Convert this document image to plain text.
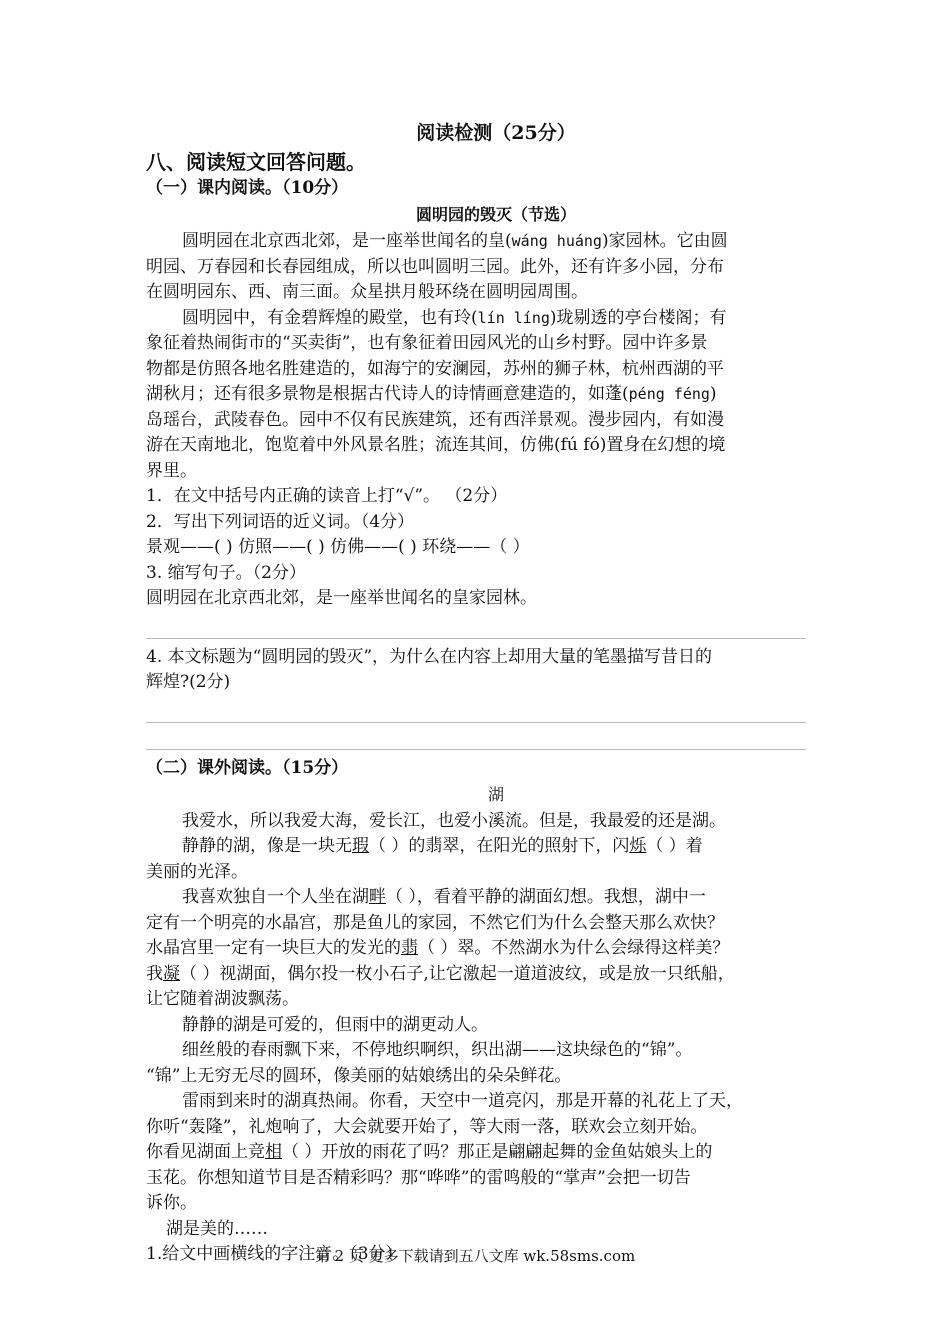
阅读检测（25分）
八、阅读短文回答问题。
（一）课内阅读。（10分）
圆明园的毁灭（节选）
圆明园在北京西北郊，是一座举世闻名的皇(wáng huáng)家园林。它由圆
明园、万春园和长春园组成，所以也叫圆明三园。此外，还有许多小园，分布
在圆明园东、西、南三面。众星拱月般环绕在圆明园周围。
圆明园中，有金碧辉煌的殿堂，也有玲(lín líng)珑剔透的亭台楼阁；有
象征着热闹街市的“买卖街”，也有象征着田园风光的山乡村野。园中许多景
物都是仿照各地名胜建造的，如海宁的安澜园，苏州的狮子林，杭州西湖的平
湖秋月；还有很多景物是根据古代诗人的诗情画意建造的，如蓬(péng féng)
岛瑶台，武陵春色。园中不仅有民族建筑，还有西洋景观。漫步园内，有如漫
游在天南地北，饱览着中外风景名胜；流连其间，仿佛(fú fó)置身在幻想的境
界里。
1．在文中括号内正确的读音上打“√”。 （2分）
2．写出下列词语的近义词。（4分）
景观——( ) 仿照——( ) 仿佛——( ) 环绕——（ ）
3. 缩写句子。（2分）
圆明园在北京西北郊，是一座举世闻名的皇家园林。
4. 本文标题为“圆明园的毁灭”，为什么在内容上却用大量的笔墨描写昔日的
辉煌?(2分)
（二）课外阅读。（15分）
湖
我爱水，所以我爱大海，爱长江，也爱小溪流。但是，我最爱的还是湖。
静静的湖，像是一块无瑕（ ）的翡翠，在阳光的照射下，闪烁（ ）着
美丽的光泽。
我喜欢独自一个人坐在湖畔（ ），看着平静的湖面幻想。我想，湖中一
定有一个明亮的水晶宫，那是鱼儿的家园，不然它们为什么会整天那么欢快？
水晶宫里一定有一块巨大的发光的翡（ ）翠。不然湖水为什么会绿得这样美？
我凝（ ）视湖面，偶尔投一枚小石子,让它激起一道道波纹，或是放一只纸船，
让它随着湖波飘荡。
静静的湖是可爱的，但雨中的湖更动人。
细丝般的春雨飘下来，不停地织啊织，织出湖——这块绿色的“锦”。
“锦”上无穷无尽的圆环，像美丽的姑娘绣出的朵朵鲜花。
雷雨到来时的湖真热闹。你看，天空中一道亮闪，那是开幕的礼花上了天，
你听“轰隆”，礼炮响了，大会就要开始了，等大雨一落，联欢会立刻开始。
你看见湖面上竞相（ ）开放的雨花了吗？那正是翩翩起舞的金鱼姑娘头上的
玉花。你想知道节目是否精彩吗？那“哗哗”的雷鸣般的“掌声”会把一切告
诉你。
湖是美的……
1.给文中画横线的字注音。（3分）
第 2 页 更多下载请到五八文库 wk.58sms.com
